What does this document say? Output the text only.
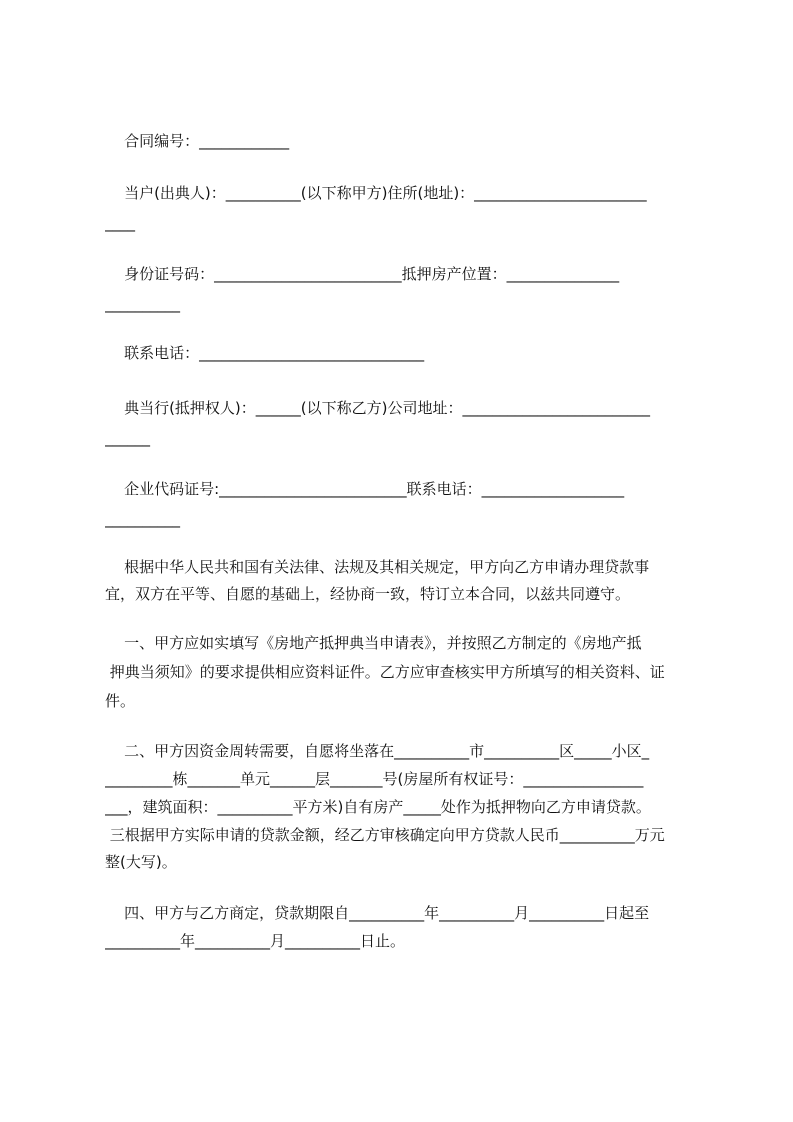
合同编号：____________
当户(出典人)：__________(以下称甲方)住所(地址)：_______________________
____
身份证号码：_________________________抵押房产位置：_______________
__________
联系电话：______________________________
典当行(抵押权人)：______(以下称乙方)公司地址：_________________________
______
企业代码证号:_________________________联系电话：___________________
__________
根据中华人民共和国有关法律、法规及其相关规定，甲方向乙方申请办理贷款事
宜，双方在平等、自愿的基础上，经协商一致，特订立本合同，以兹共同遵守。
一、甲方应如实填写《房地产抵押典当申请表》，并按照乙方制定的《房地产抵
押典当须知》的要求提供相应资料证件。乙方应审查核实甲方所填写的相关资料、证
件。
二、甲方因资金周转需要，自愿将坐落在__________市__________区_____小区_
_________栋_______单元______层_______号(房屋所有权证号：________________
___，建筑面积：__________平方米)自有房产_____处作为抵押物向乙方申请贷款。
三根据甲方实际申请的贷款金额，经乙方审核确定向甲方贷款人民币__________万元
整(大写)。
四、甲方与乙方商定，贷款期限自__________年__________月__________日起至
__________年__________月__________日止。
